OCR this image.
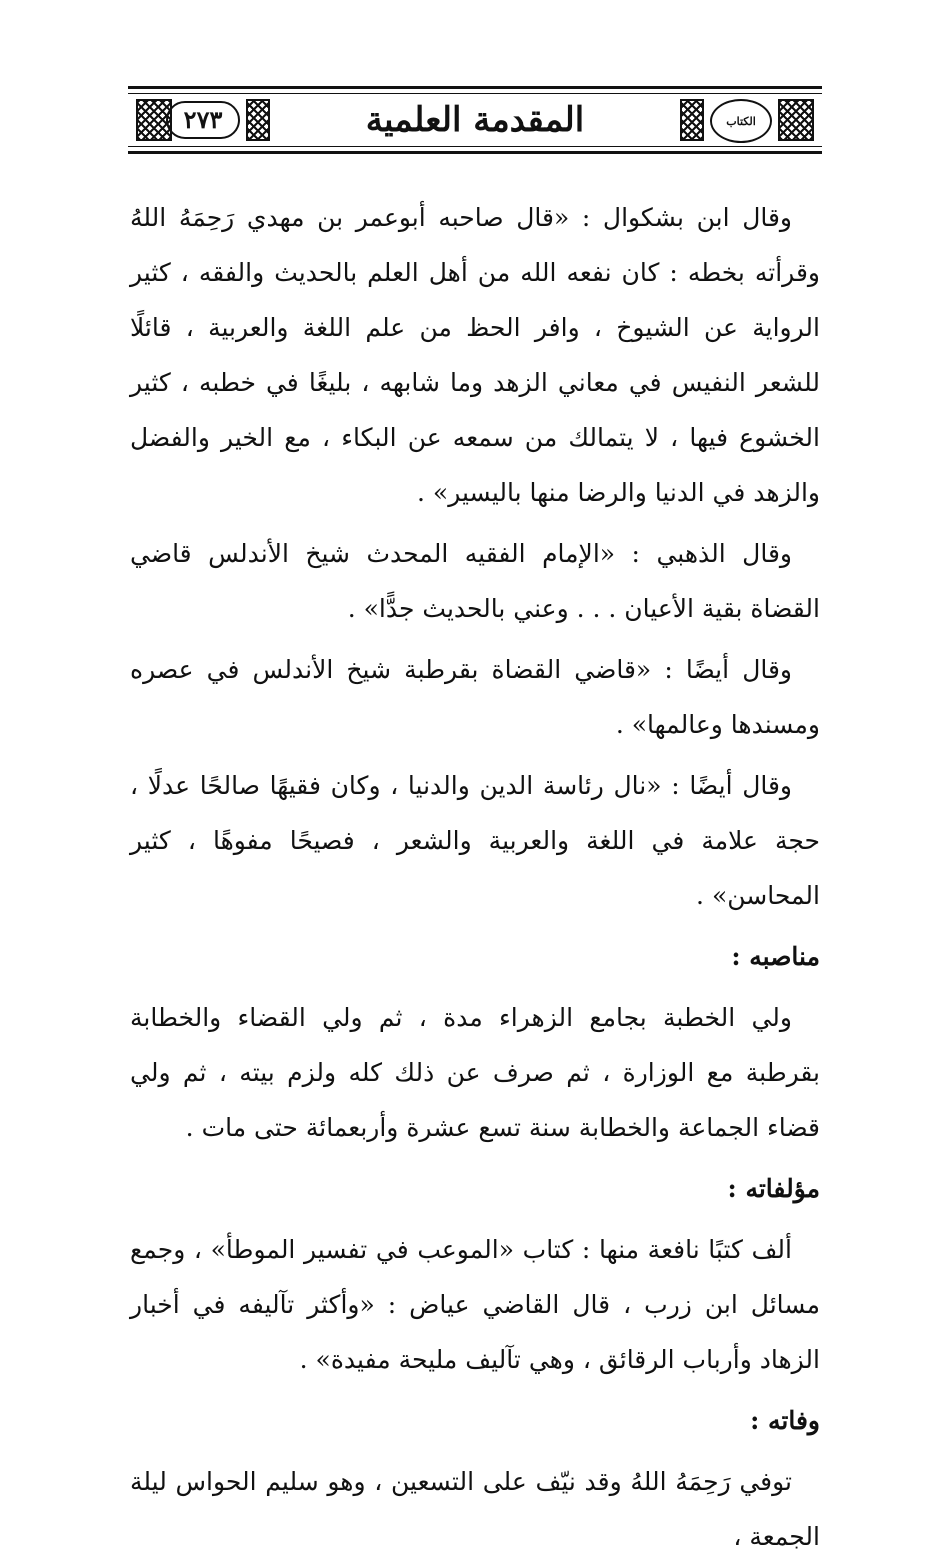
الكتاب
المقدمة العلمية
٢٧٣

وقال ابن بشكوال : «قال صاحبه أبوعمر بن مهدي رَحِمَهُ اللهُ وقرأته بخطه : كان نفعه الله من أهل العلم بالحديث والفقه ، كثير الرواية عن الشيوخ ، وافر الحظ من علم اللغة والعربية ، قائلًا للشعر النفيس في معاني الزهد وما شابهه ، بليغًا في خطبه ، كثير الخشوع فيها ، لا يتمالك من سمعه عن البكاء ، مع الخير والفضل والزهد في الدنيا والرضا منها باليسير» .

وقال الذهبي : «الإمام الفقيه المحدث شيخ الأندلس قاضي القضاة بقية الأعيان . . . وعني بالحديث جدًّا» .

وقال أيضًا : «قاضي القضاة بقرطبة شيخ الأندلس في عصره ومسندها وعالمها» .

وقال أيضًا : «نال رئاسة الدين والدنيا ، وكان فقيهًا صالحًا عدلًا ، حجة علامة في اللغة والعربية والشعر ، فصيحًا مفوهًا ، كثير المحاسن» .

مناصبه :

ولي الخطبة بجامع الزهراء مدة ، ثم ولي القضاء والخطابة بقرطبة مع الوزارة ، ثم صرف عن ذلك كله ولزم بيته ، ثم ولي قضاء الجماعة والخطابة سنة تسع عشرة وأربعمائة حتى مات .

مؤلفاته :

ألف كتبًا نافعة منها : كتاب «الموعب في تفسير الموطأ» ، وجمع مسائل ابن زرب ، قال القاضي عياض : «وأكثر تآليفه في أخبار الزهاد وأرباب الرقائق ، وهي تآليف مليحة مفيدة» .

وفاته :

توفي رَحِمَهُ اللهُ وقد نيّف على التسعين ، وهو سليم الحواس ليلة الجمعة ،
